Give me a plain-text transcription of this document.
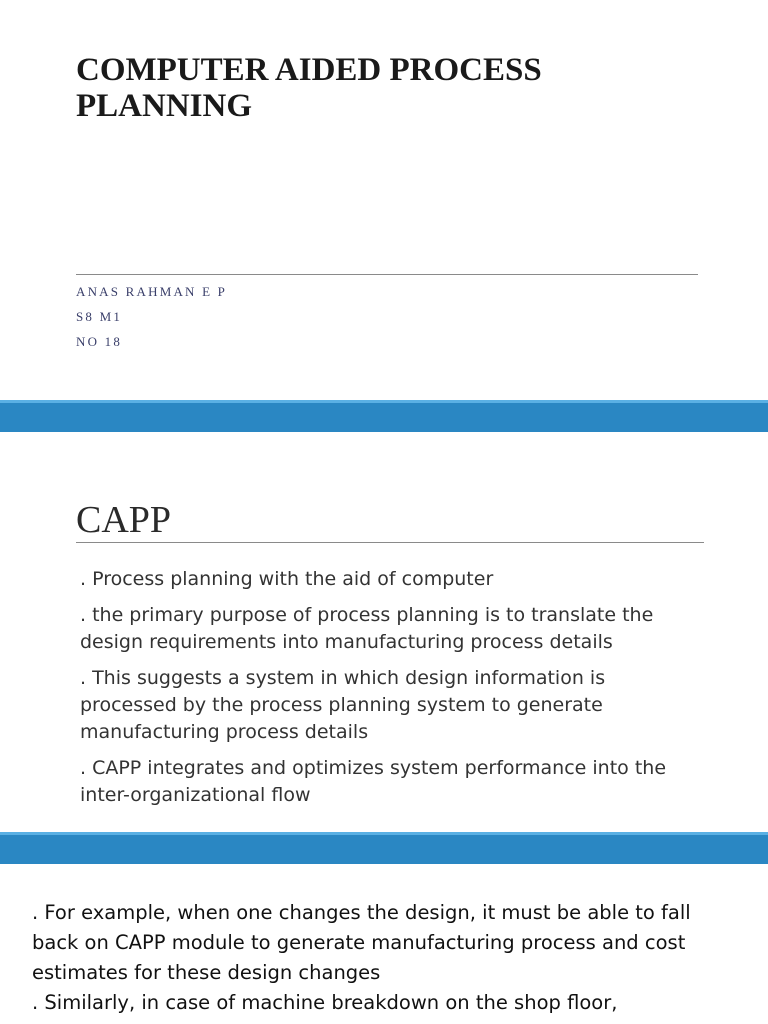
COMPUTER AIDED PROCESS PLANNING
ANAS RAHMAN E P
S8 M1
NO 18
CAPP
. Process planning with the aid of computer
. the primary purpose of process planning is to translate the design requirements into manufacturing process details
. This suggests a system in which design information is processed by the process planning system to generate manufacturing process details
. CAPP integrates and optimizes system performance into the inter-organizational flow
. For example, when one changes the design, it must be able to fall back on CAPP module to generate manufacturing process and cost estimates for these design changes
. Similarly, in case of machine breakdown on the shop floor,
